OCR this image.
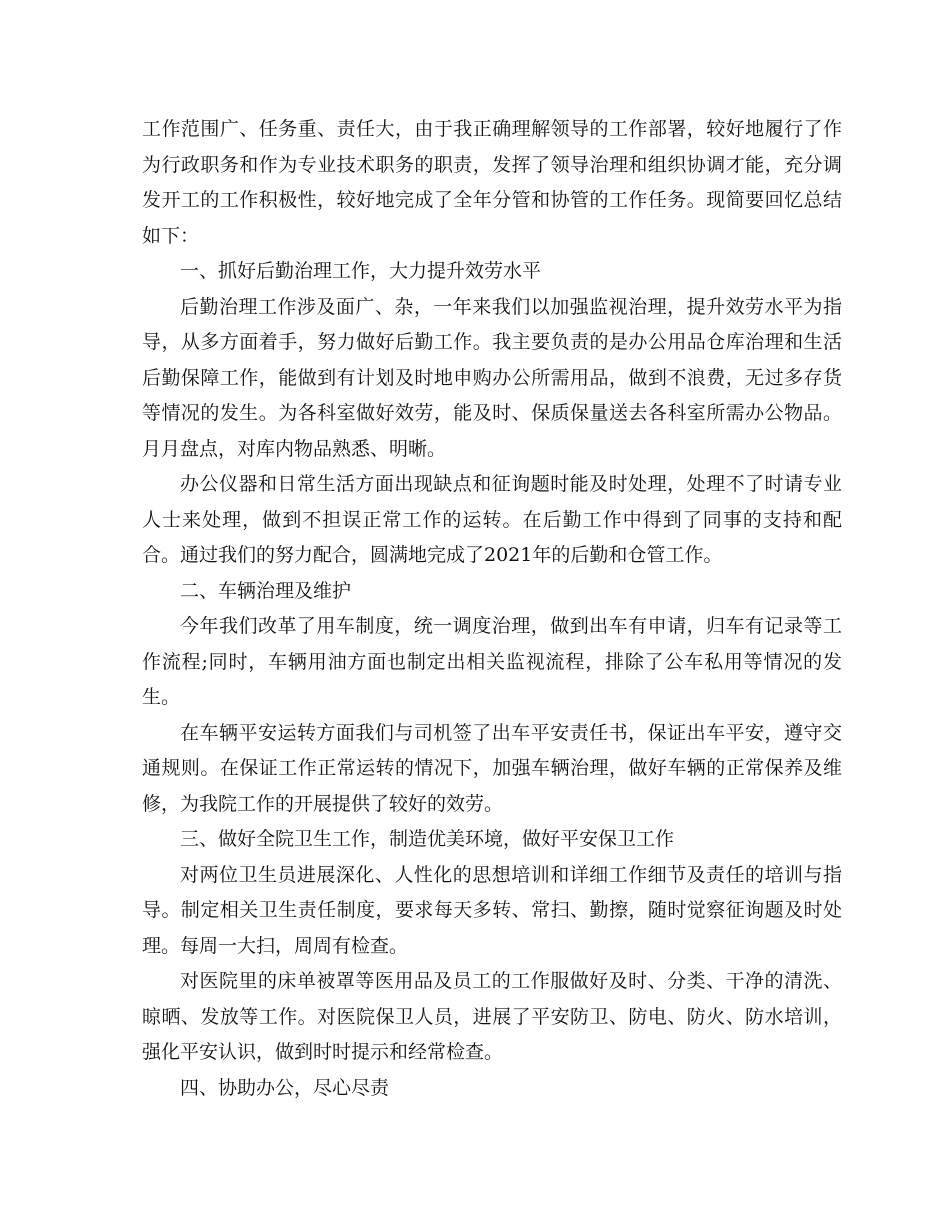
工作范围广、任务重、责任大，由于我正确理解领导的工作部署，较好地履行了作为行政职务和作为专业技术职务的职责，发挥了领导治理和组织协调才能，充分调发开工的工作积极性，较好地完成了全年分管和协管的工作任务。现简要回忆总结如下：

一、抓好后勤治理工作，大力提升效劳水平

后勤治理工作涉及面广、杂，一年来我们以加强监视治理，提升效劳水平为指导，从多方面着手，努力做好后勤工作。我主要负责的是办公用品仓库治理和生活后勤保障工作，能做到有计划及时地申购办公所需用品，做到不浪费，无过多存货等情况的发生。为各科室做好效劳，能及时、保质保量送去各科室所需办公物品。月月盘点，对库内物品熟悉、明晰。

办公仪器和日常生活方面出现缺点和征询题时能及时处理，处理不了时请专业人士来处理，做到不担误正常工作的运转。在后勤工作中得到了同事的支持和配合。通过我们的努力配合，圆满地完成了2021年的后勤和仓管工作。

二、车辆治理及维护

今年我们改革了用车制度，统一调度治理，做到出车有申请，归车有记录等工作流程;同时，车辆用油方面也制定出相关监视流程，排除了公车私用等情况的发生。

在车辆平安运转方面我们与司机签了出车平安责任书，保证出车平安，遵守交通规则。在保证工作正常运转的情况下，加强车辆治理，做好车辆的正常保养及维修，为我院工作的开展提供了较好的效劳。

三、做好全院卫生工作，制造优美环境，做好平安保卫工作

对两位卫生员进展深化、人性化的思想培训和详细工作细节及责任的培训与指导。制定相关卫生责任制度，要求每天多转、常扫、勤擦，随时觉察征询题及时处理。每周一大扫，周周有检查。

对医院里的床单被罩等医用品及员工的工作服做好及时、分类、干净的清洗、晾晒、发放等工作。对医院保卫人员，进展了平安防卫、防电、防火、防水培训，强化平安认识，做到时时提示和经常检查。

四、协助办公，尽心尽责
